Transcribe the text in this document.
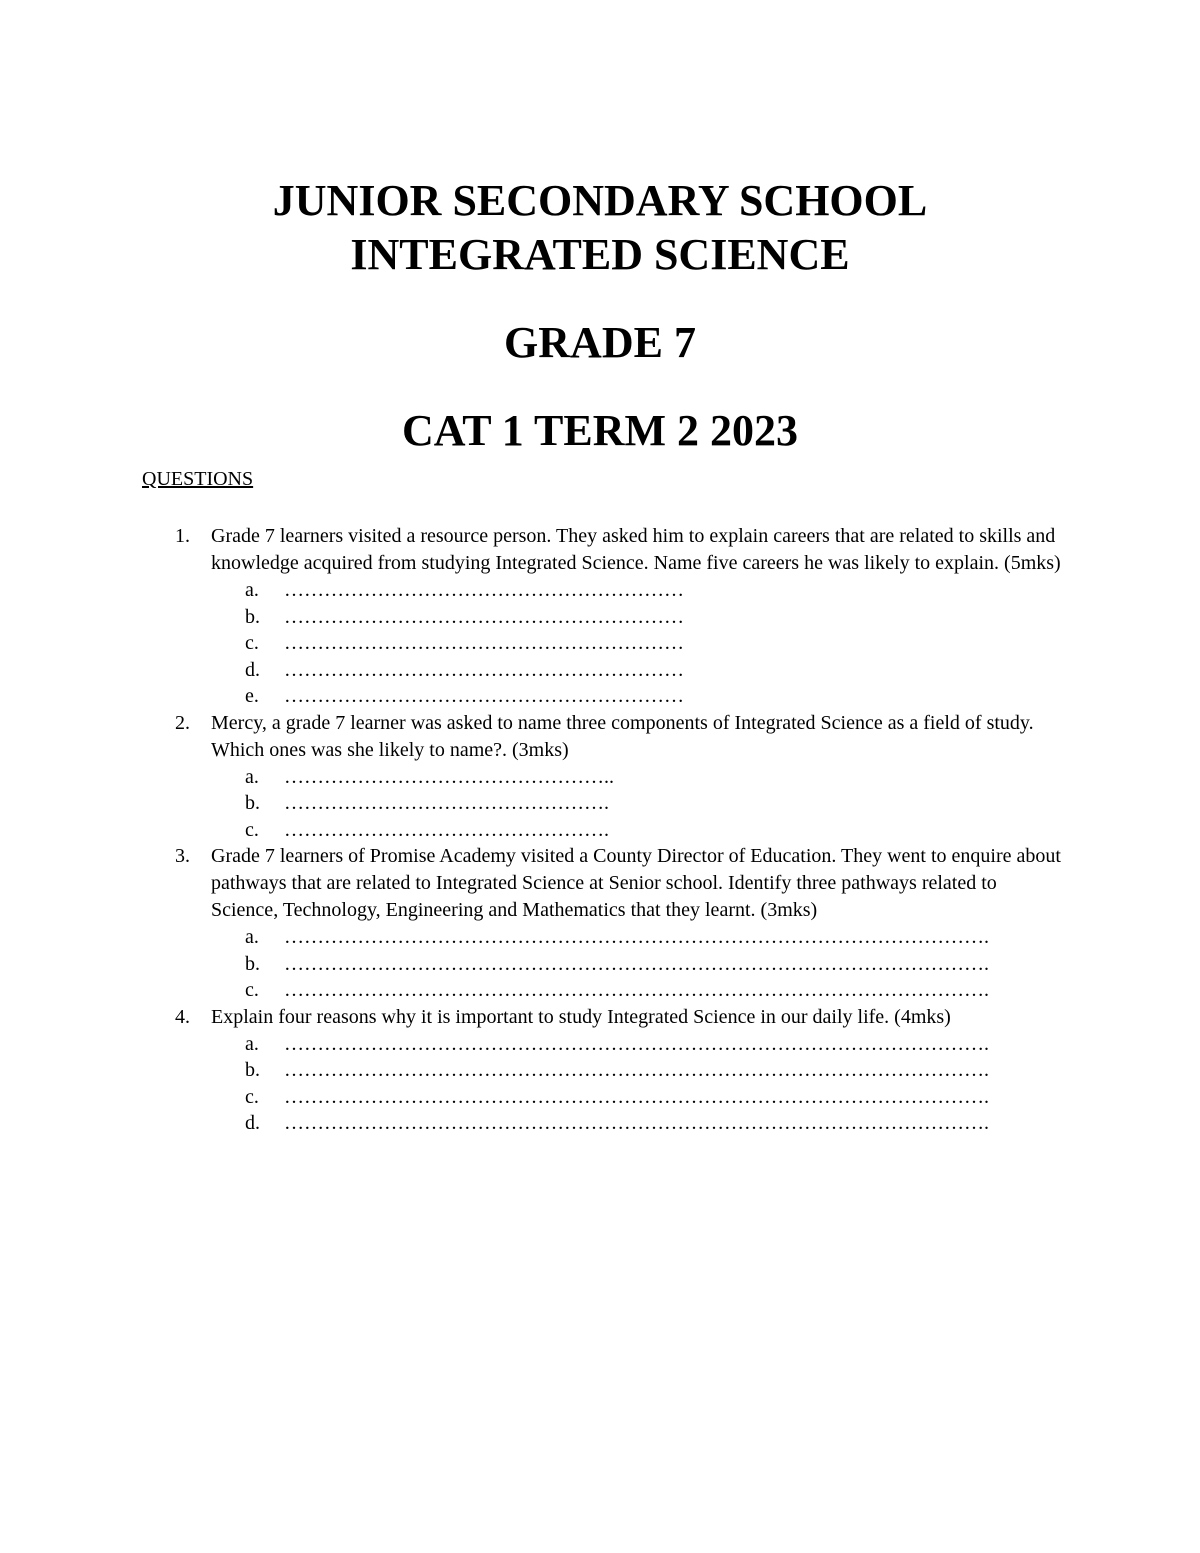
JUNIOR SECONDARY SCHOOL

INTEGRATED SCIENCE

GRADE 7

CAT 1 TERM 2 2023

QUESTIONS

1. Grade 7 learners visited a resource person. They asked him to explain careers that are related to skills and knowledge acquired from studying Integrated Science. Name five careers he was likely to explain. (5mks)

a. ……………………………………………………
b. ……………………………………………………
c. ……………………………………………………
d. ……………………………………………………
e. ……………………………………………………
2. Mercy, a grade 7 learner was asked to name three components of Integrated Science as a field of study. Which ones was she likely to name?. (3mks)

a. …………………………………………..
b. ………………………………………….
c. ………………………………………….
3. Grade 7 learners of Promise Academy visited a County Director of Education. They went to enquire about pathways that are related to Integrated Science at Senior school. Identify three pathways related to Science, Technology, Engineering and Mathematics that they learnt. (3mks)

a. …………………………………………………………………………………………….
b. …………………………………………………………………………………………….
c. …………………………………………………………………………………………….
4. Explain four reasons why it is important to study Integrated Science in our daily life. (4mks)

a. …………………………………………………………………………………………….
b. …………………………………………………………………………………………….
c. …………………………………………………………………………………………….
d. …………………………………………………………………………………………….
